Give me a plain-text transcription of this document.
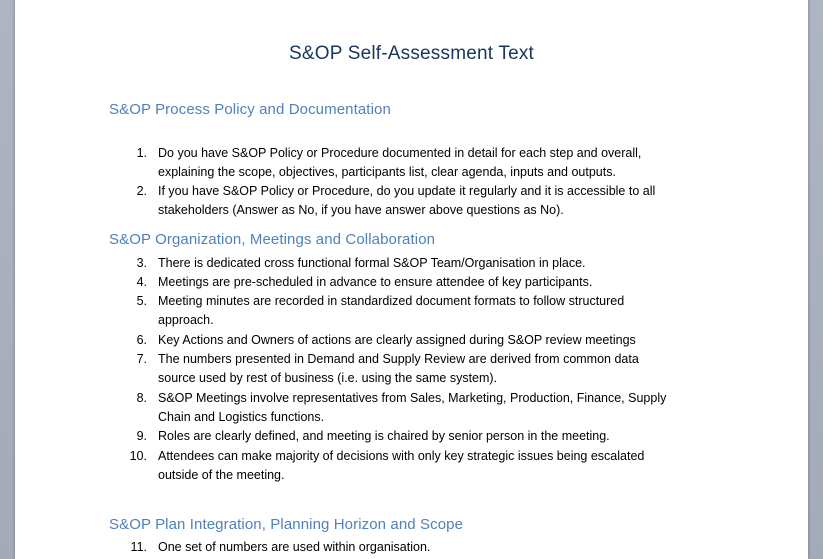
S&OP Self-Assessment Text
S&OP Process Policy and Documentation
1. Do you have S&OP Policy or Procedure documented in detail for each step and overall,
explaining the scope, objectives, participants list, clear agenda, inputs and outputs.
2. If you have S&OP Policy or Procedure, do you update it regularly and it is accessible to all
stakeholders (Answer as No, if you have answer above questions as No).
S&OP Organization, Meetings and Collaboration
3. There is dedicated cross functional formal S&OP Team/Organisation in place.
4. Meetings are pre-scheduled in advance to ensure attendee of key participants.
5. Meeting minutes are recorded in standardized document formats to follow structured
approach.
6. Key Actions and Owners of actions are clearly assigned during S&OP review meetings
7. The numbers presented in Demand and Supply Review are derived from common data
source used by rest of business (i.e. using the same system).
8. S&OP Meetings involve representatives from Sales, Marketing, Production, Finance, Supply
Chain and Logistics functions.
9. Roles are clearly defined, and meeting is chaired by senior person in the meeting.
10. Attendees can make majority of decisions with only key strategic issues being escalated
outside of the meeting.
S&OP Plan Integration, Planning Horizon and Scope
11. One set of numbers are used within organisation.
